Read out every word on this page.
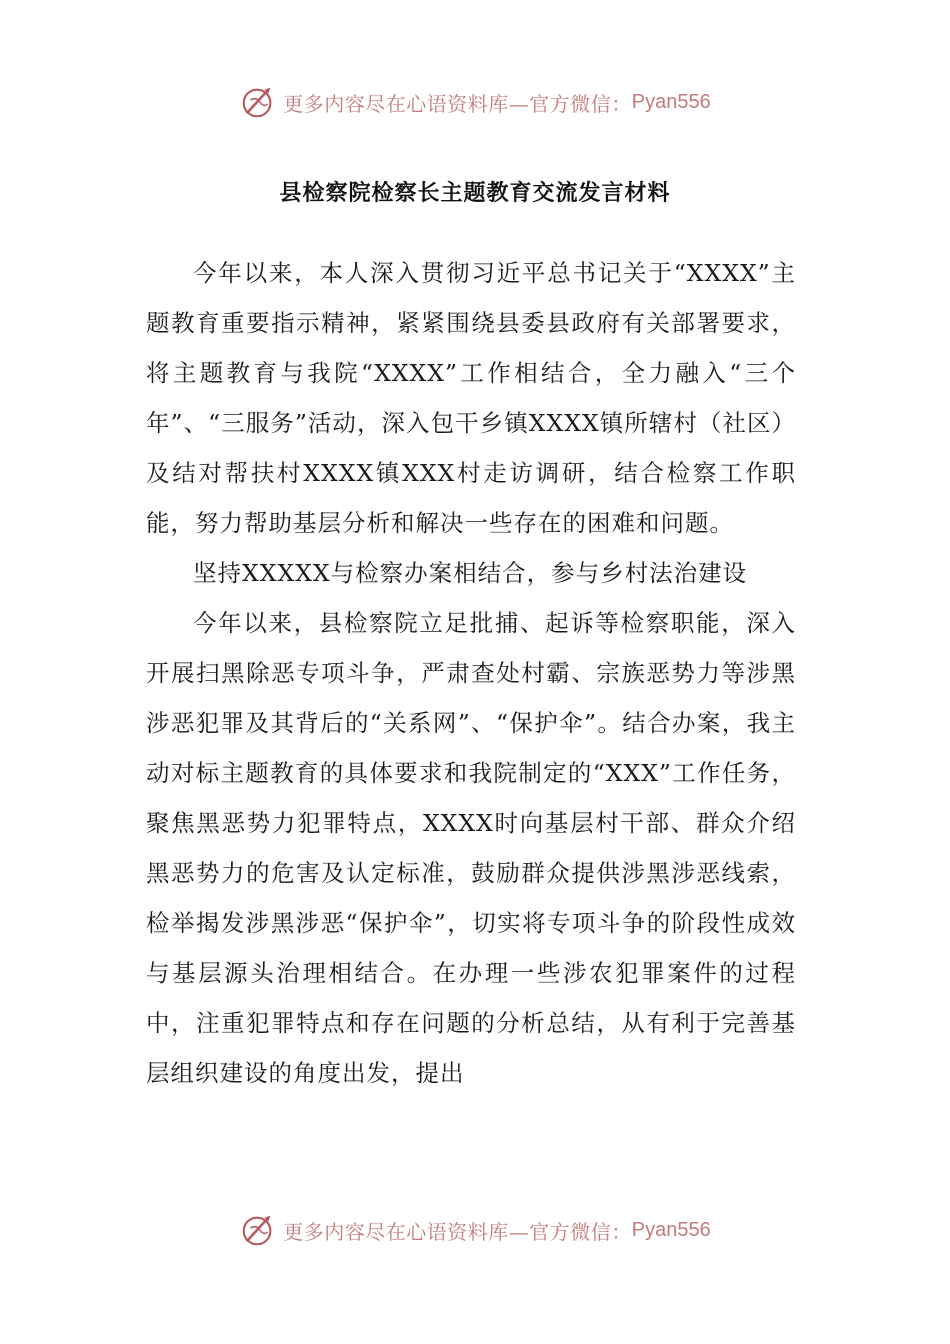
更多内容尽在心语资料库—官方微信： Pyan556
县检察院检察长主题教育交流发言材料

今年以来，本人深入贯彻习近平总书记关于“XXXX”主题教育重要指示精神，紧紧围绕县委县政府有关部署要求，将主题教育与我院“XXXX”工作相结合，全力融入“三个年”、“三服务”活动，深入包干乡镇XXXX镇所辖村（社区）及结对帮扶村XXXX镇XXX村走访调研，结合检察工作职能，努力帮助基层分析和解决一些存在的困难和问题。

坚持XXXXX与检察办案相结合，参与乡村法治建设

今年以来，县检察院立足批捕、起诉等检察职能，深入开展扫黑除恶专项斗争，严肃查处村霸、宗族恶势力等涉黑涉恶犯罪及其背后的“关系网”、“保护伞”。结合办案，我主动对标主题教育的具体要求和我院制定的“XXX”工作任务，聚焦黑恶势力犯罪特点，XXXX时向基层村干部、群众介绍黑恶势力的危害及认定标准，鼓励群众提供涉黑涉恶线索，检举揭发涉黑涉恶“保护伞”，切实将专项斗争的阶段性成效与基层源头治理相结合。在办理一些涉农犯罪案件的过程中，注重犯罪特点和存在问题的分析总结，从有利于完善基层组织建设的角度出发，提出

更多内容尽在心语资料库—官方微信： Pyan556
